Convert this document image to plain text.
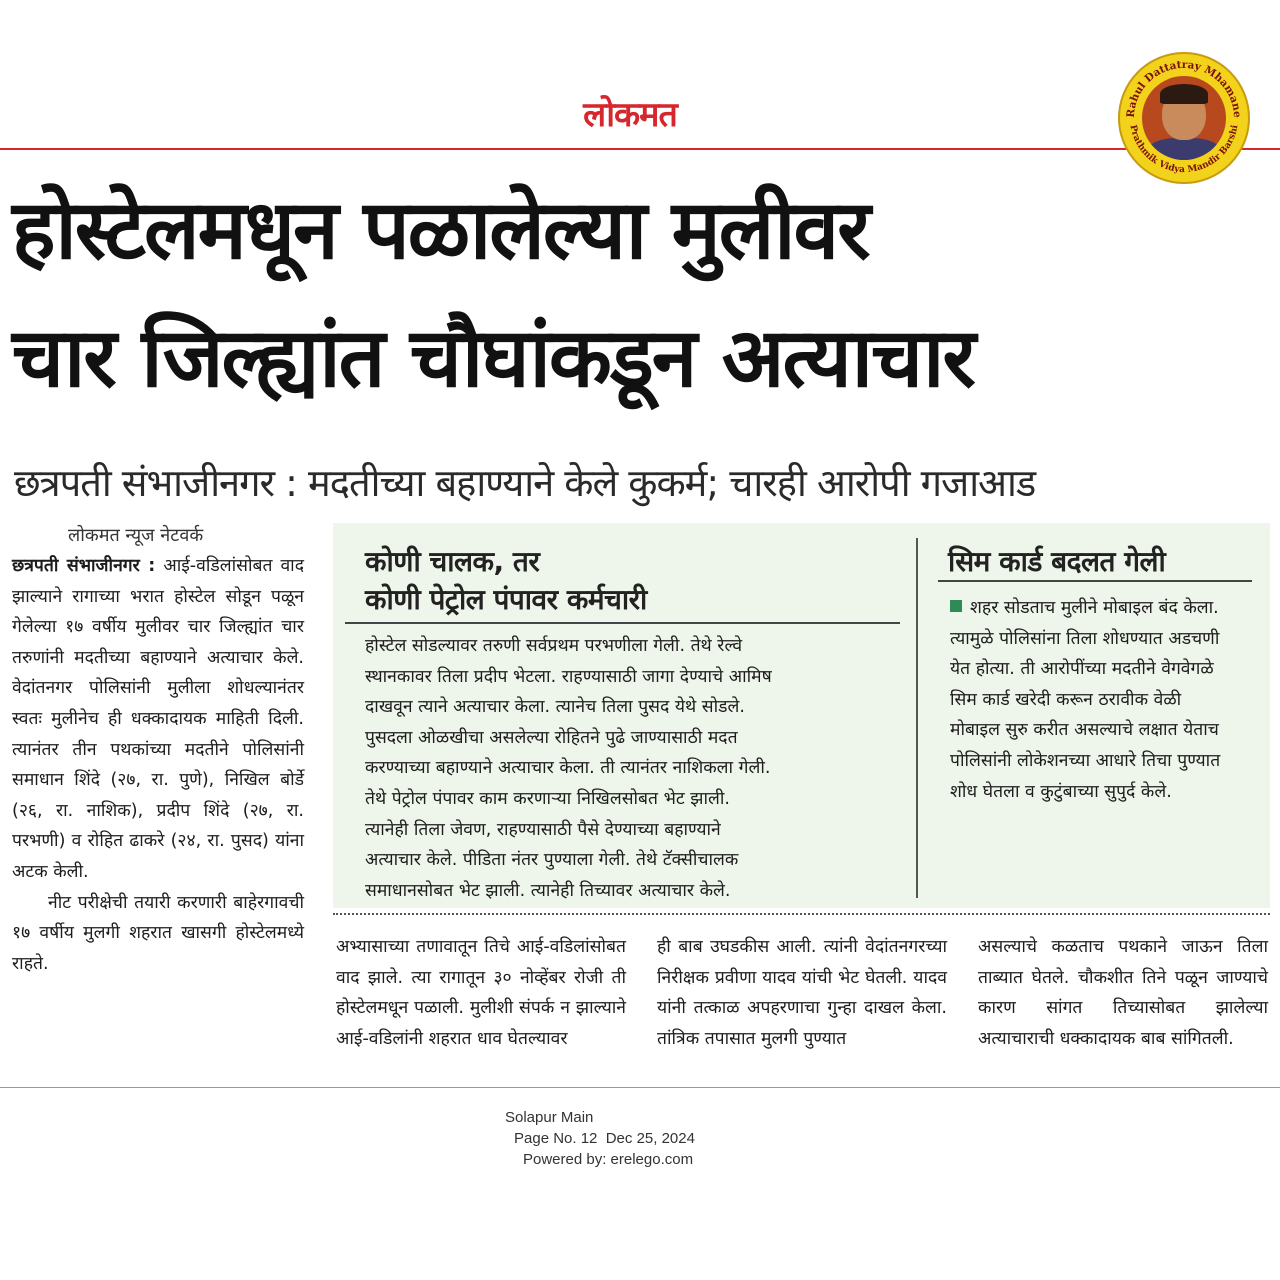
लोकमत	Rahul Dattatray Mhamane
Prathmik Vidya Mandir Barshi
होस्टेलमधून पळालेल्या मुलीवर
चार जिल्ह्यांत चौघांकडून अत्याचार
छत्रपती संभाजीनगर : मदतीच्या बहाण्याने केले कुकर्म; चारही आरोपी गजाआड
लोकमत न्यूज नेटवर्क
छत्रपती संभाजीनगर : आई-वडिलांसोबत वाद झाल्याने रागाच्या भरात होस्टेल सोडून पळून गेलेल्या १७ वर्षीय मुलीवर चार जिल्ह्यांत चार तरुणांनी मदतीच्या बहाण्याने अत्याचार केले. वेदांतनगर पोलिसांनी मुलीला शोधल्यानंतर स्वतः मुलीनेच ही धक्कादायक माहिती दिली. त्यानंतर तीन पथकांच्या मदतीने पोलिसांनी समाधान शिंदे (२७, रा. पुणे), निखिल बोर्डे (२६, रा. नाशिक), प्रदीप शिंदे (२७, रा. परभणी) व रोहित ढाकरे (२४, रा. पुसद) यांना अटक केली.
नीट परीक्षेची तयारी करणारी बाहेरगावची १७ वर्षीय मुलगी शहरात खासगी होस्टेलमध्ये राहते.
कोणी चालक, तर
कोणी पेट्रोल पंपावर कर्मचारी
होस्टेल सोडल्यावर तरुणी सर्वप्रथम परभणीला गेली. तेथे रेल्वे
स्थानकावर तिला प्रदीप भेटला. राहण्यासाठी जागा देण्याचे आमिष
दाखवून त्याने अत्याचार केला. त्यानेच तिला पुसद येथे सोडले.
पुसदला ओळखीचा असलेल्या रोहितने पुढे जाण्यासाठी मदत
करण्याच्या बहाण्याने अत्याचार केला. ती त्यानंतर नाशिकला गेली.
तेथे पेट्रोल पंपावर काम करणाऱ्या निखिलसोबत भेट झाली.
त्यानेही तिला जेवण, राहण्यासाठी पैसे देण्याच्या बहाण्याने
अत्याचार केले. पीडिता नंतर पुण्याला गेली. तेथे टॅक्सीचालक
समाधानसोबत भेट झाली. त्यानेही तिच्यावर अत्याचार केले.
सिम कार्ड बदलत गेली
शहर सोडताच मुलीने मोबाइल बंद केला. त्यामुळे पोलिसांना तिला शोधण्यात अडचणी येत होत्या. ती आरोपींच्या मदतीने वेगवेगळे सिम कार्ड खरेदी करून ठरावीक वेळी मोबाइल सुरु करीत असल्याचे लक्षात येताच पोलिसांनी लोकेशनच्या आधारे तिचा पुण्यात शोध घेतला व कुटुंबाच्या सुपुर्द केले.
अभ्यासाच्या तणावातून तिचे आई-वडिलांसोबत वाद झाले. त्या रागातून ३० नोव्हेंबर रोजी ती होस्टेलमधून पळाली. मुलीशी संपर्क न झाल्याने आई-वडिलांनी शहरात धाव घेतल्यावर
ही बाब उघडकीस आली. त्यांनी वेदांतनगरच्या निरीक्षक प्रवीणा यादव यांची भेट घेतली. यादव यांनी तत्काळ अपहरणाचा गुन्हा दाखल केला. तांत्रिक तपासात मुलगी पुण्यात
असल्याचे कळताच पथकाने जाऊन तिला ताब्यात घेतले. चौकशीत तिने पळून जाण्याचे कारण सांगत तिच्यासोबत झालेल्या अत्याचाराची धक्कादायक बाब सांगितली.
Solapur Main
Page No. 12  Dec 25, 2024
Powered by: erelego.com
